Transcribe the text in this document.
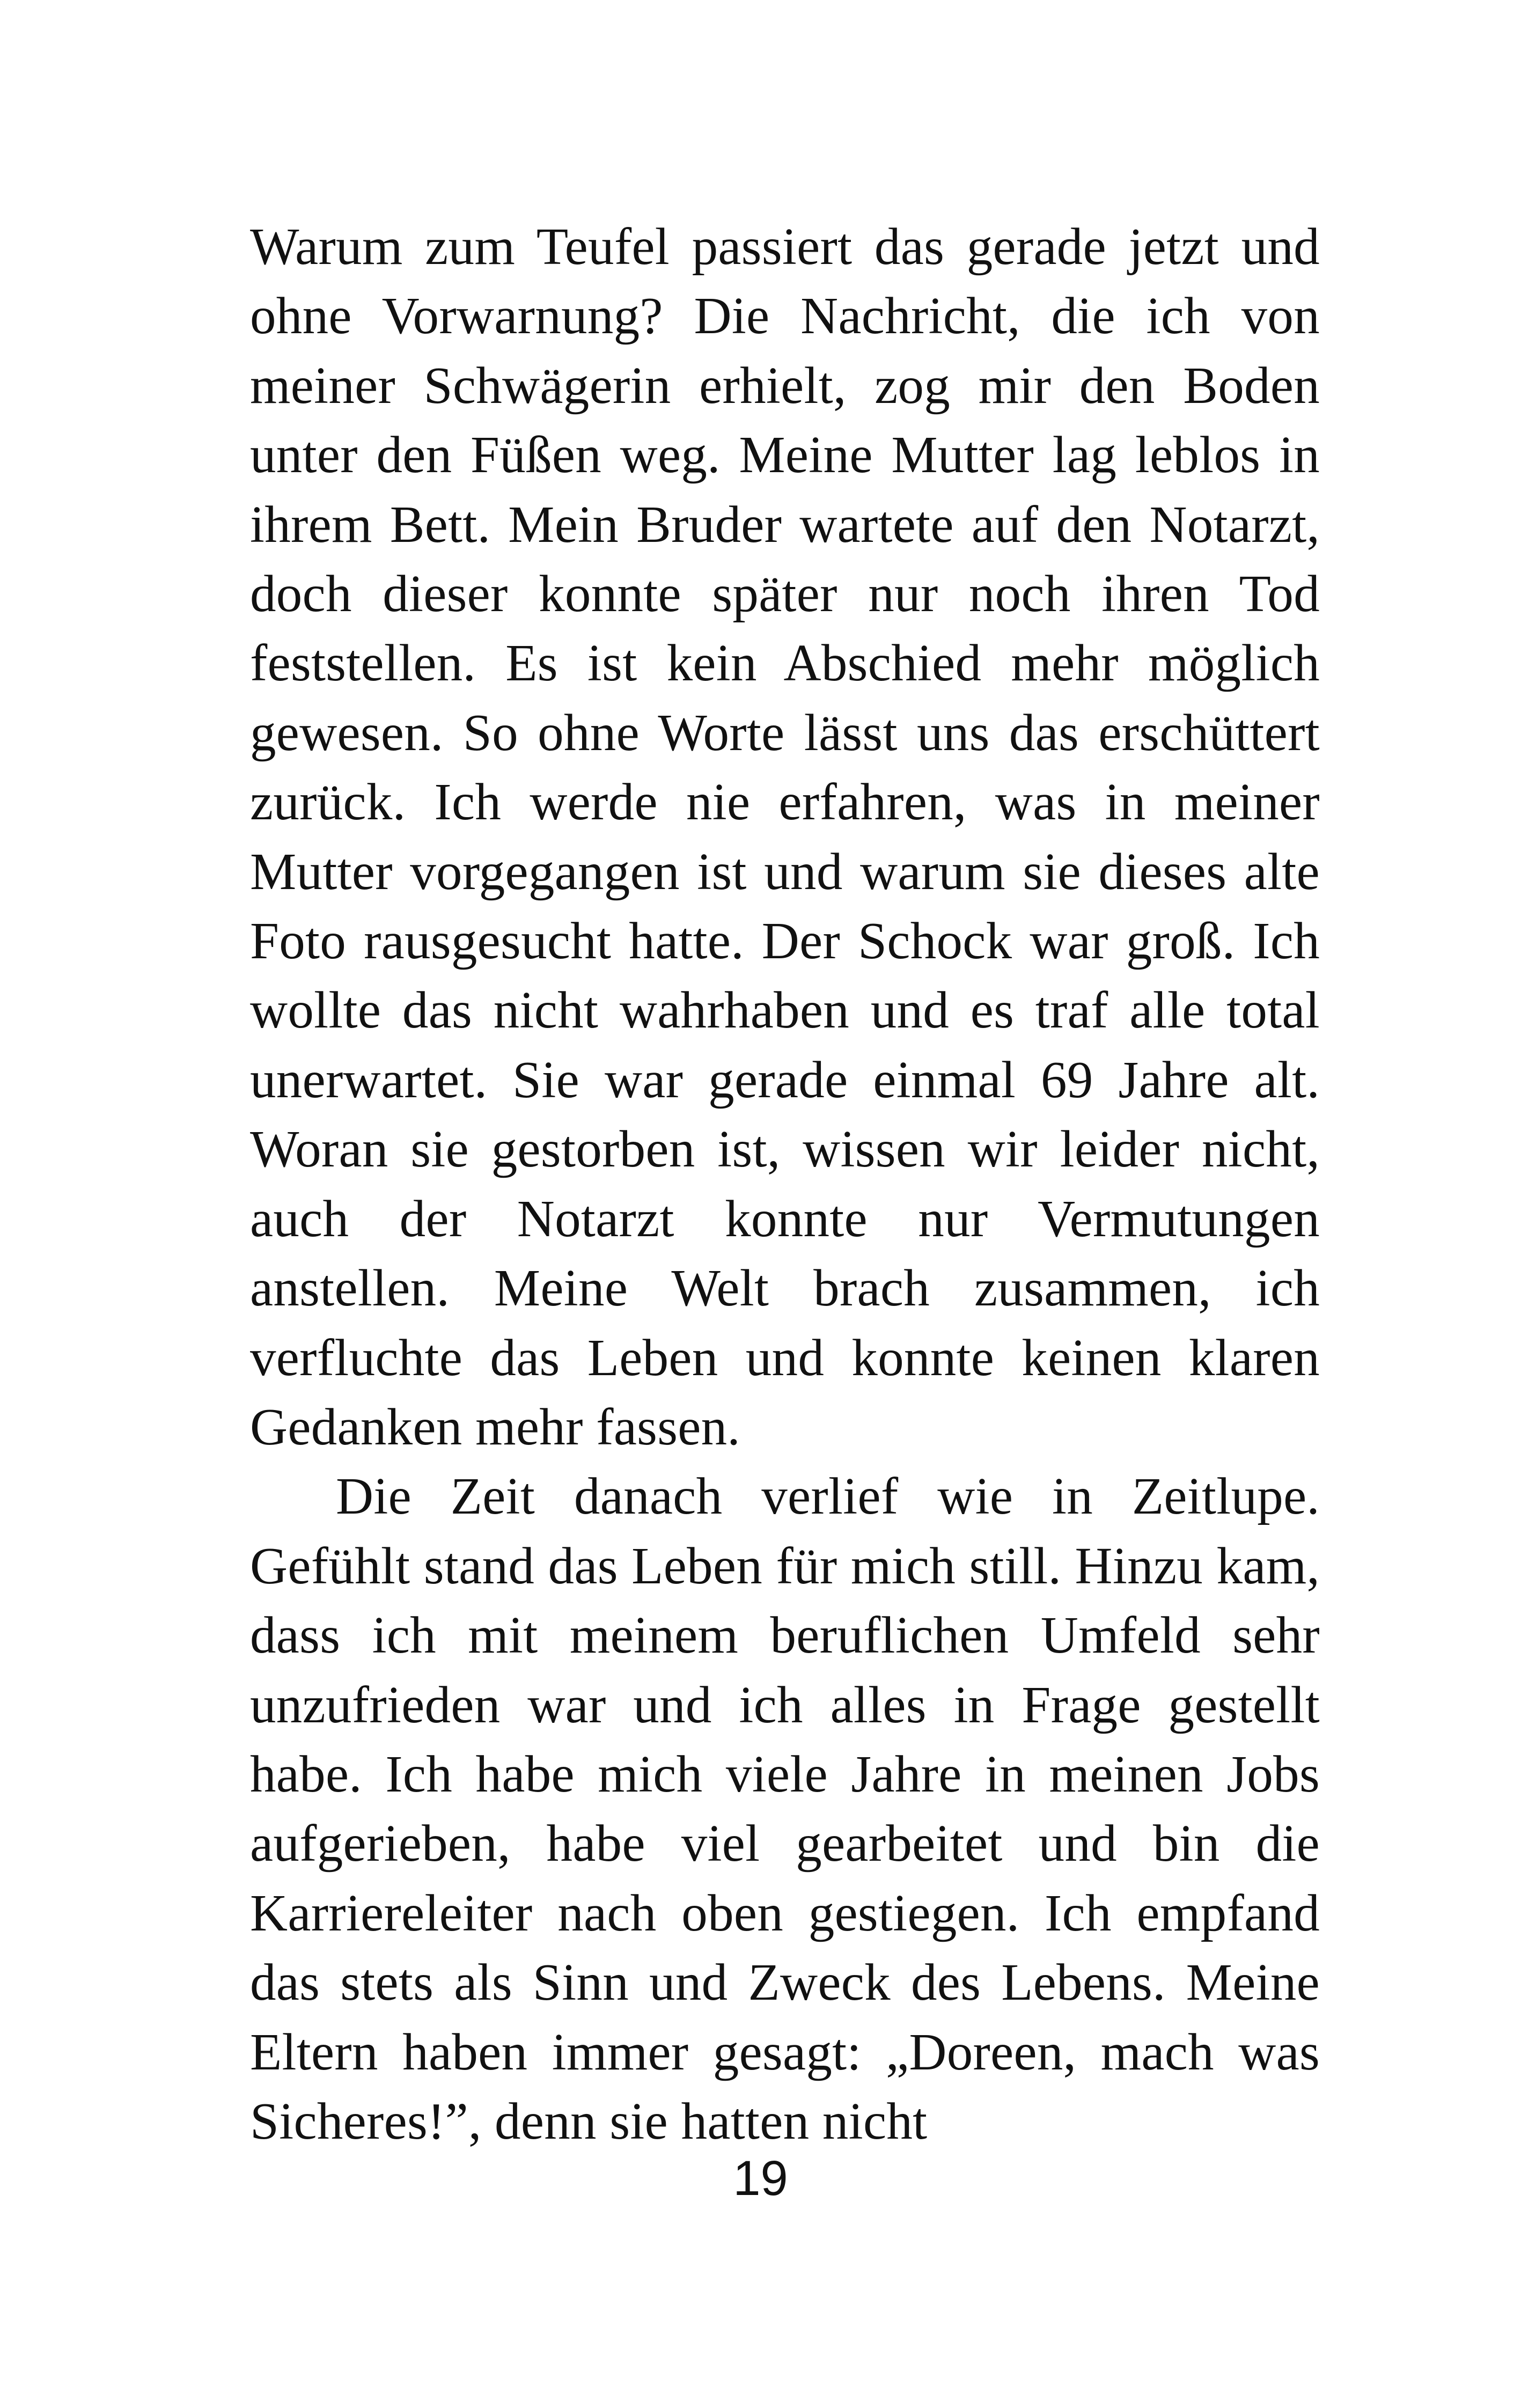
Warum zum Teufel passiert das gerade jetzt und ohne Vorwarnung? Die Nachricht, die ich von meiner Schwägerin erhielt, zog mir den Boden unter den Füßen weg. Meine Mutter lag leblos in ihrem Bett. Mein Bruder wartete auf den Notarzt, doch dieser konnte später nur noch ihren Tod feststellen. Es ist kein Abschied mehr möglich gewesen. So ohne Worte lässt uns das erschüttert zurück. Ich werde nie erfahren, was in meiner Mutter vorgegangen ist und warum sie dieses alte Foto rausgesucht hatte. Der Schock war groß. Ich wollte das nicht wahrhaben und es traf alle total unerwartet. Sie war gerade einmal 69 Jahre alt. Woran sie gestorben ist, wissen wir leider nicht, auch der Notarzt konnte nur Vermutungen anstellen. Meine Welt brach zusammen, ich verfluchte das Leben und konnte keinen klaren Gedanken mehr fassen.

Die Zeit danach verlief wie in Zeitlupe. Gefühlt stand das Leben für mich still. Hinzu kam, dass ich mit meinem beruflichen Umfeld sehr unzufrieden war und ich alles in Frage gestellt habe. Ich habe mich viele Jahre in meinen Jobs aufgerieben, habe viel gearbeitet und bin die Karriereleiter nach oben gestiegen. Ich empfand das stets als Sinn und Zweck des Lebens. Meine Eltern haben immer gesagt: „Doreen, mach was Sicheres!”, denn sie hatten nicht

19
